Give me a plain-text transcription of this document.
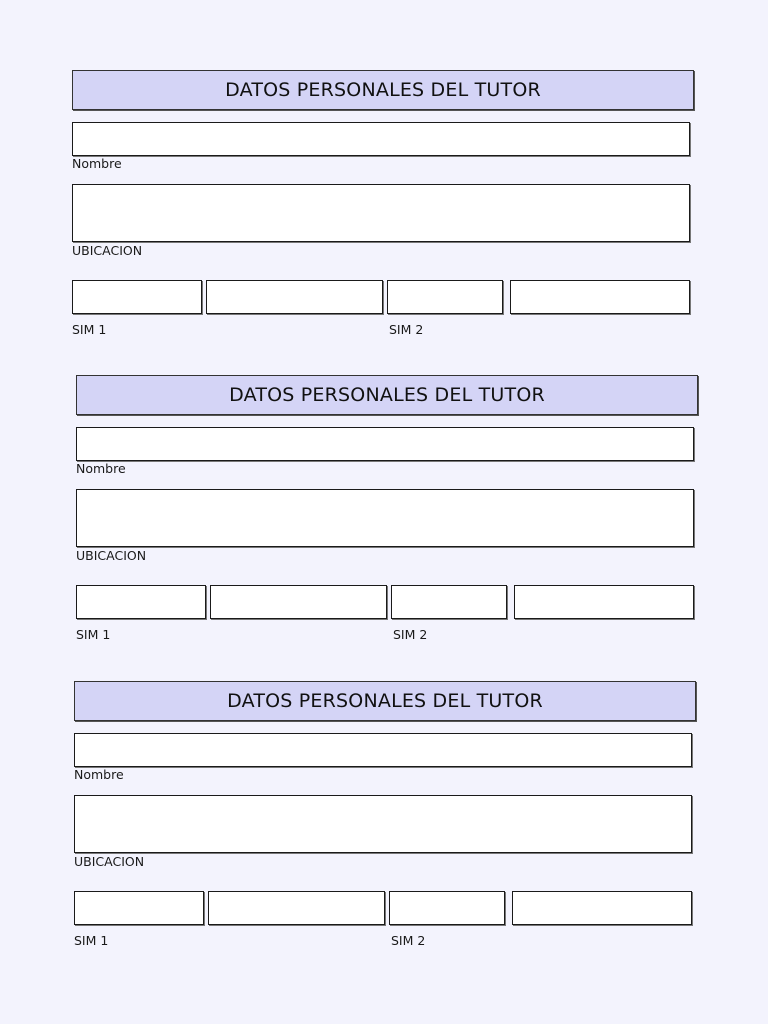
DATOS PERSONALES DEL TUTOR
Nombre
UBICACION
SIM 1	SIM 2
DATOS PERSONALES DEL TUTOR
Nombre
UBICACION
SIM 1	SIM 2
DATOS PERSONALES DEL TUTOR
Nombre
UBICACION
SIM 1	SIM 2
